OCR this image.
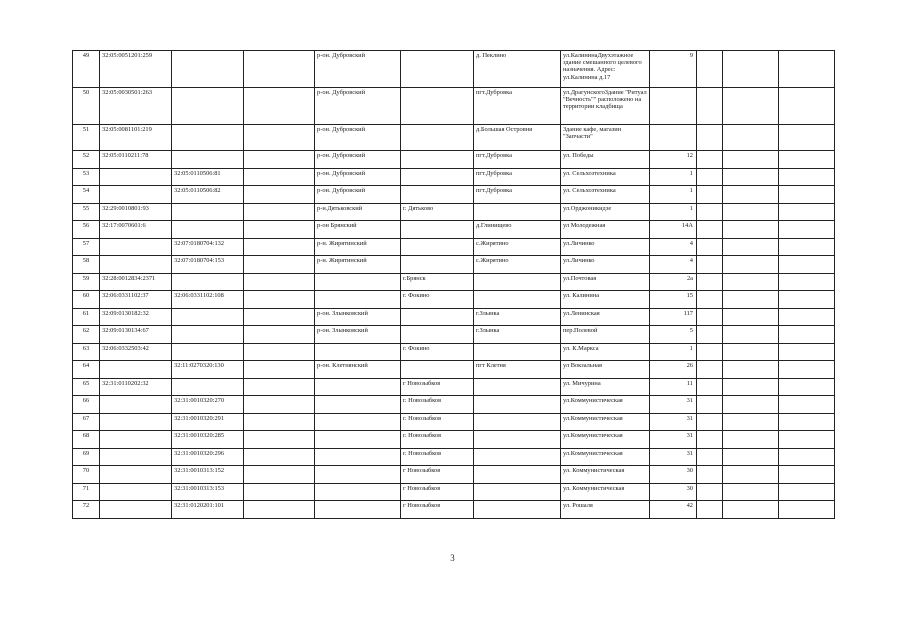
49	32:05:0051201:259			р-он. Дубровский		д. Пеклино	ул.КалининаДвухэтажное здание смешанного целевого назначения. Адрес: ул.Калинина д.17	9			
50	32:05:0030501:263			р-он. Дубровский		пгт.Дубровка	ул.ДрагунскогоЗдание "Ритуал "Вечность"" расположено на территории кладбища				
51	32:05:0081101:219			р-он. Дубровский		д.Большая Островня	Здание кафе, магазин "Запчасти"				
52	32:05:0110211:78			р-он. Дубровский		пгт.Дубровка	ул. Победы	12			
53		32:05:0110506:81		р-он. Дубровский		пгт.Дубровка	ул. Сельхозтехника	1			
54		32:05:0110506:82		р-он. Дубровский		пгт.Дубровка	ул. Сельхозтехника	1			
55	32:29:0010801:93			р-н.Дятьковский	г. Дятьково		ул.Орджоникидзе	1			
56	32:17:0070601:6			р-он Брянский		д.Глинищево	ул Молодежная	14А			
57		32:07:0180704:132		р-н. Жирятинский		с.Жирятино	ул.Личинко	4			
58		32:07:0180704:153		р-н. Жирятинский		с.Жирятино	ул.Личинко	4			
59	32:28:0012834:2371				г.Брянск		ул.Почтовая	2а			
60	32:06:0331102:37	32:06:0331102:108			г. Фокино		ул. Калинина	15			
61	32:09:0130182:32			р-он. Злынковский		г.Злынка	ул.Ленинская	117			
62	32:09:0130134:67			р-он. Злынковский		г.Злынка	пер.Полевой	5			
63	32:06:0332503:42				г. Фокино		ул. К.Маркса	1			
64		32:11:0270320:130		р-он. Клетнянский		пгт Клетня	ул Вокзальная	26			
65	32:31:0110202:32				г Новозыбков		ул. Мичурина	11			
66		32:31:0010320:270			г. Новозыбков		ул.Коммунистическая	31			
67		32:31:0010320:291			г. Новозыбков		ул.Коммунистическая	31			
68		32:31:0010320:285			г. Новозыбков		ул.Коммунистическая	31			
69		32:31:0010320:296			г. Новозыбков		ул.Коммунистическая	31			
70		32:31:0010313:152			г Новозыбков		ул. Коммунистическая	30			
71		32:31:0010313:153			г Новозыбков		ул. Коммунистическая	30			
72		32:31:0120201:101			г Новозыбков		ул. Рошаля	42			
3
